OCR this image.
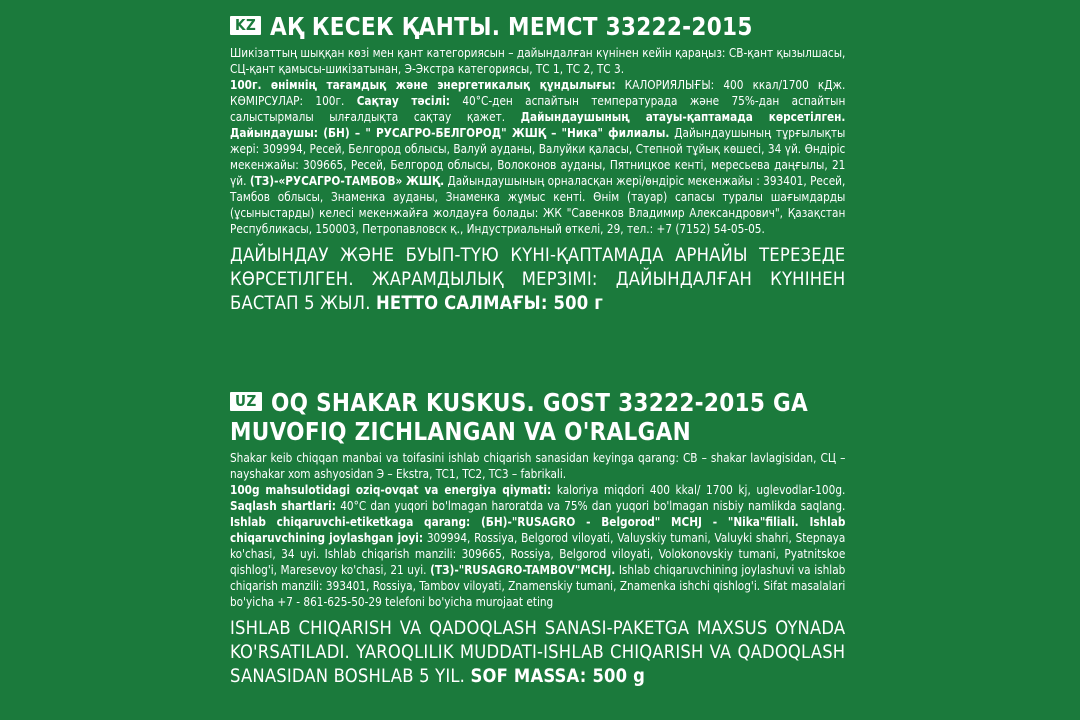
KZ АҚ КЕСЕК ҚАНТЫ. МЕМСТ 33222-2015

Шикізаттың шыққан көзі мен қант категориясын – дайындалған күнінен кейін қараңыз: СВ-қант қызылшасы, СЦ-қант қамысы-шикізатынан, Э-Экстра категориясы, ТС 1, ТС 2, ТС 3.

100г. өнімнің тағамдық және энергетикалық құндылығы: КАЛОРИЯЛЫҒЫ: 400 ккал/1700 кДж. КӨМІРСУЛАР: 100г. Сақтау тәсілі: 40°С-ден аспайтын температурада және 75%-дан аспайтын салыстырмалы ылғалдықта сақтау қажет. Дайындаушының атауы-қаптамада көрсетілген. Дайындаушы: (БН) – " РУСАГРО-БЕЛГОРОД" ЖШҚ – "Ника" филиалы. Дайындаушының тұрғылықты жері: 309994, Ресей, Белгород облысы, Валуй ауданы, Валуйки қаласы, Степной тұйық көшесі, 34 үй. Өндіріс мекенжайы: 309665, Ресей, Белгород облысы, Волоконов ауданы, Пятницкое кенті, мересьева даңғылы, 21 үй. (ТЗ)-«РУСАГРО-ТАМБОВ» ЖШҚ. Дайындаушының орналасқан жері/өндіріс мекенжайы : 393401, Ресей, Тамбов облысы, Знаменка ауданы, Знаменка жұмыс кенті. Өнім (тауар) сапасы туралы шағымдарды (ұсыныстарды) келесі мекенжайға жолдауға болады: ЖК "Савенков Владимир Александрович", Қазақстан Республикасы, 150003, Петропавловск қ., Индустриальный өткелі, 29, тел.: +7 (7152) 54-05-05.

ДАЙЫНДАУ ЖӘНЕ БУЫП-ТҮЮ КҮНІ-ҚАПТАМАДА АРНАЙЫ ТЕРЕЗЕДЕ КӨРСЕТІЛГЕН. ЖАРАМДЫЛЫҚ МЕРЗІМІ: ДАЙЫНДАЛҒАН КҮНІНЕН БАСТАП 5 ЖЫЛ. НЕТТО САЛМАҒЫ: 500 г
UZ OQ SHAKAR KUSKUS. GOST 33222-2015 GA
MUVOFIQ ZICHLANGAN VA O'RALGAN

Shakar keib chiqqan manbai va toifasini ishlab chiqarish sanasidan keyinga qarang: CB – shakar lavlagisidan, СЦ – nayshakar xom ashyosidan Э – Ekstra, TC1, TC2, TC3 – fabrikali.

100g mahsulotidagi oziq-ovqat va energiya qiymati: kaloriya miqdori 400 kkal/ 1700 kj, uglevodlar-100g. Saqlash shartlari: 40°C dan yuqori bo'lmagan haroratda va 75% dan yuqori bo'lmagan nisbiy namlikda saqlang. Ishlab chiqaruvchi-etiketkaga qarang: (БН)-"RUSAGRO - Belgorod" MCHJ - "Nika"filiali. Ishlab chiqaruvchining joylashgan joyi: 309994, Rossiya, Belgorod viloyati, Valuyskiy tumani, Valuyki shahri, Stepnaya ko'chasi, 34 uyi. Ishlab chiqarish manzili: 309665, Rossiya, Belgorod viloyati, Volokonovskiy tumani, Pyatnitskoe qishlog'i, Maresevoy ko'chasi, 21 uyi. (ТЗ)-"RUSAGRO-TAMBOV"MCHJ. Ishlab chiqaruvchining joylashuvi va ishlab chiqarish manzili: 393401, Rossiya, Tambov viloyati, Znamenskiy tumani, Znamenka ishchi qishlog'i. Sifat masalalari bo'yicha +7 - 861-625-50-29 telefoni bo'yicha murojaat eting

ISHLAB CHIQARISH VA QADOQLASH SANASI-PAKETGA MAXSUS OYNADA KO'RSATILADI. YAROQLILIK MUDDATI-ISHLAB CHIQARISH VA QADOQLASH SANASIDAN BOSHLAB 5 YIL. SOF MASSA: 500 g
